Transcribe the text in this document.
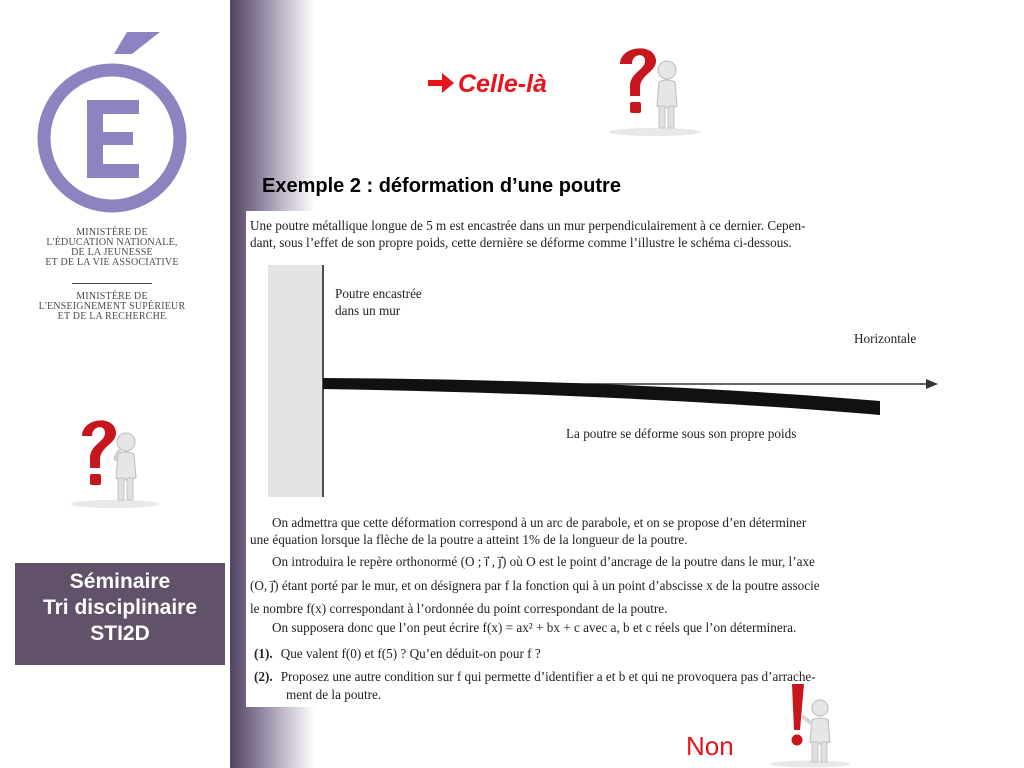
MINISTÈRE DE
L'ÉDUCATION NATIONALE,
DE LA JEUNESSE
ET DE LA VIE ASSOCIATIVE
MINISTÈRE DE
L'ENSEIGNEMENT SUPÉRIEUR
ET DE LA RECHERCHE
Séminaire
Tri disciplinaire
STI2D
Celle-là
Exemple 2 : déformation d’une poutre
Une poutre métallique longue de 5 m est encastrée dans un mur perpendiculairement à ce dernier. Cepen-
dant, sous l’effet de son propre poids, cette dernière se déforme comme l’illustre le schéma ci-dessous.
Poutre encastrée
dans un mur
Horizontale
La poutre se déforme sous son propre poids
On admettra que cette déformation correspond à un arc de parabole, et on se propose d’en déterminer
une équation lorsque la flèche de la poutre a atteint 1% de la longueur de la poutre.
On introduira le repère orthonormé (O ; i⃗ , j⃗) où O est le point d’ancrage de la poutre dans le mur, l’axe
(O, j⃗) étant porté par le mur, et on désignera par f la fonction qui à un point d’abscisse x de la poutre associe
le nombre f(x) correspondant à l’ordonnée du point correspondant de la poutre.
On supposera donc que l’on peut écrire f(x) = ax² + bx + c avec a, b et c réels que l’on déterminera.
(1). Que valent f(0) et f(5) ? Qu’en déduit-on pour f ?
(2). Proposez une autre condition sur f qui permette d’identifier a et b et qui ne provoquera pas d’arrache-
ment de la poutre.
Non
